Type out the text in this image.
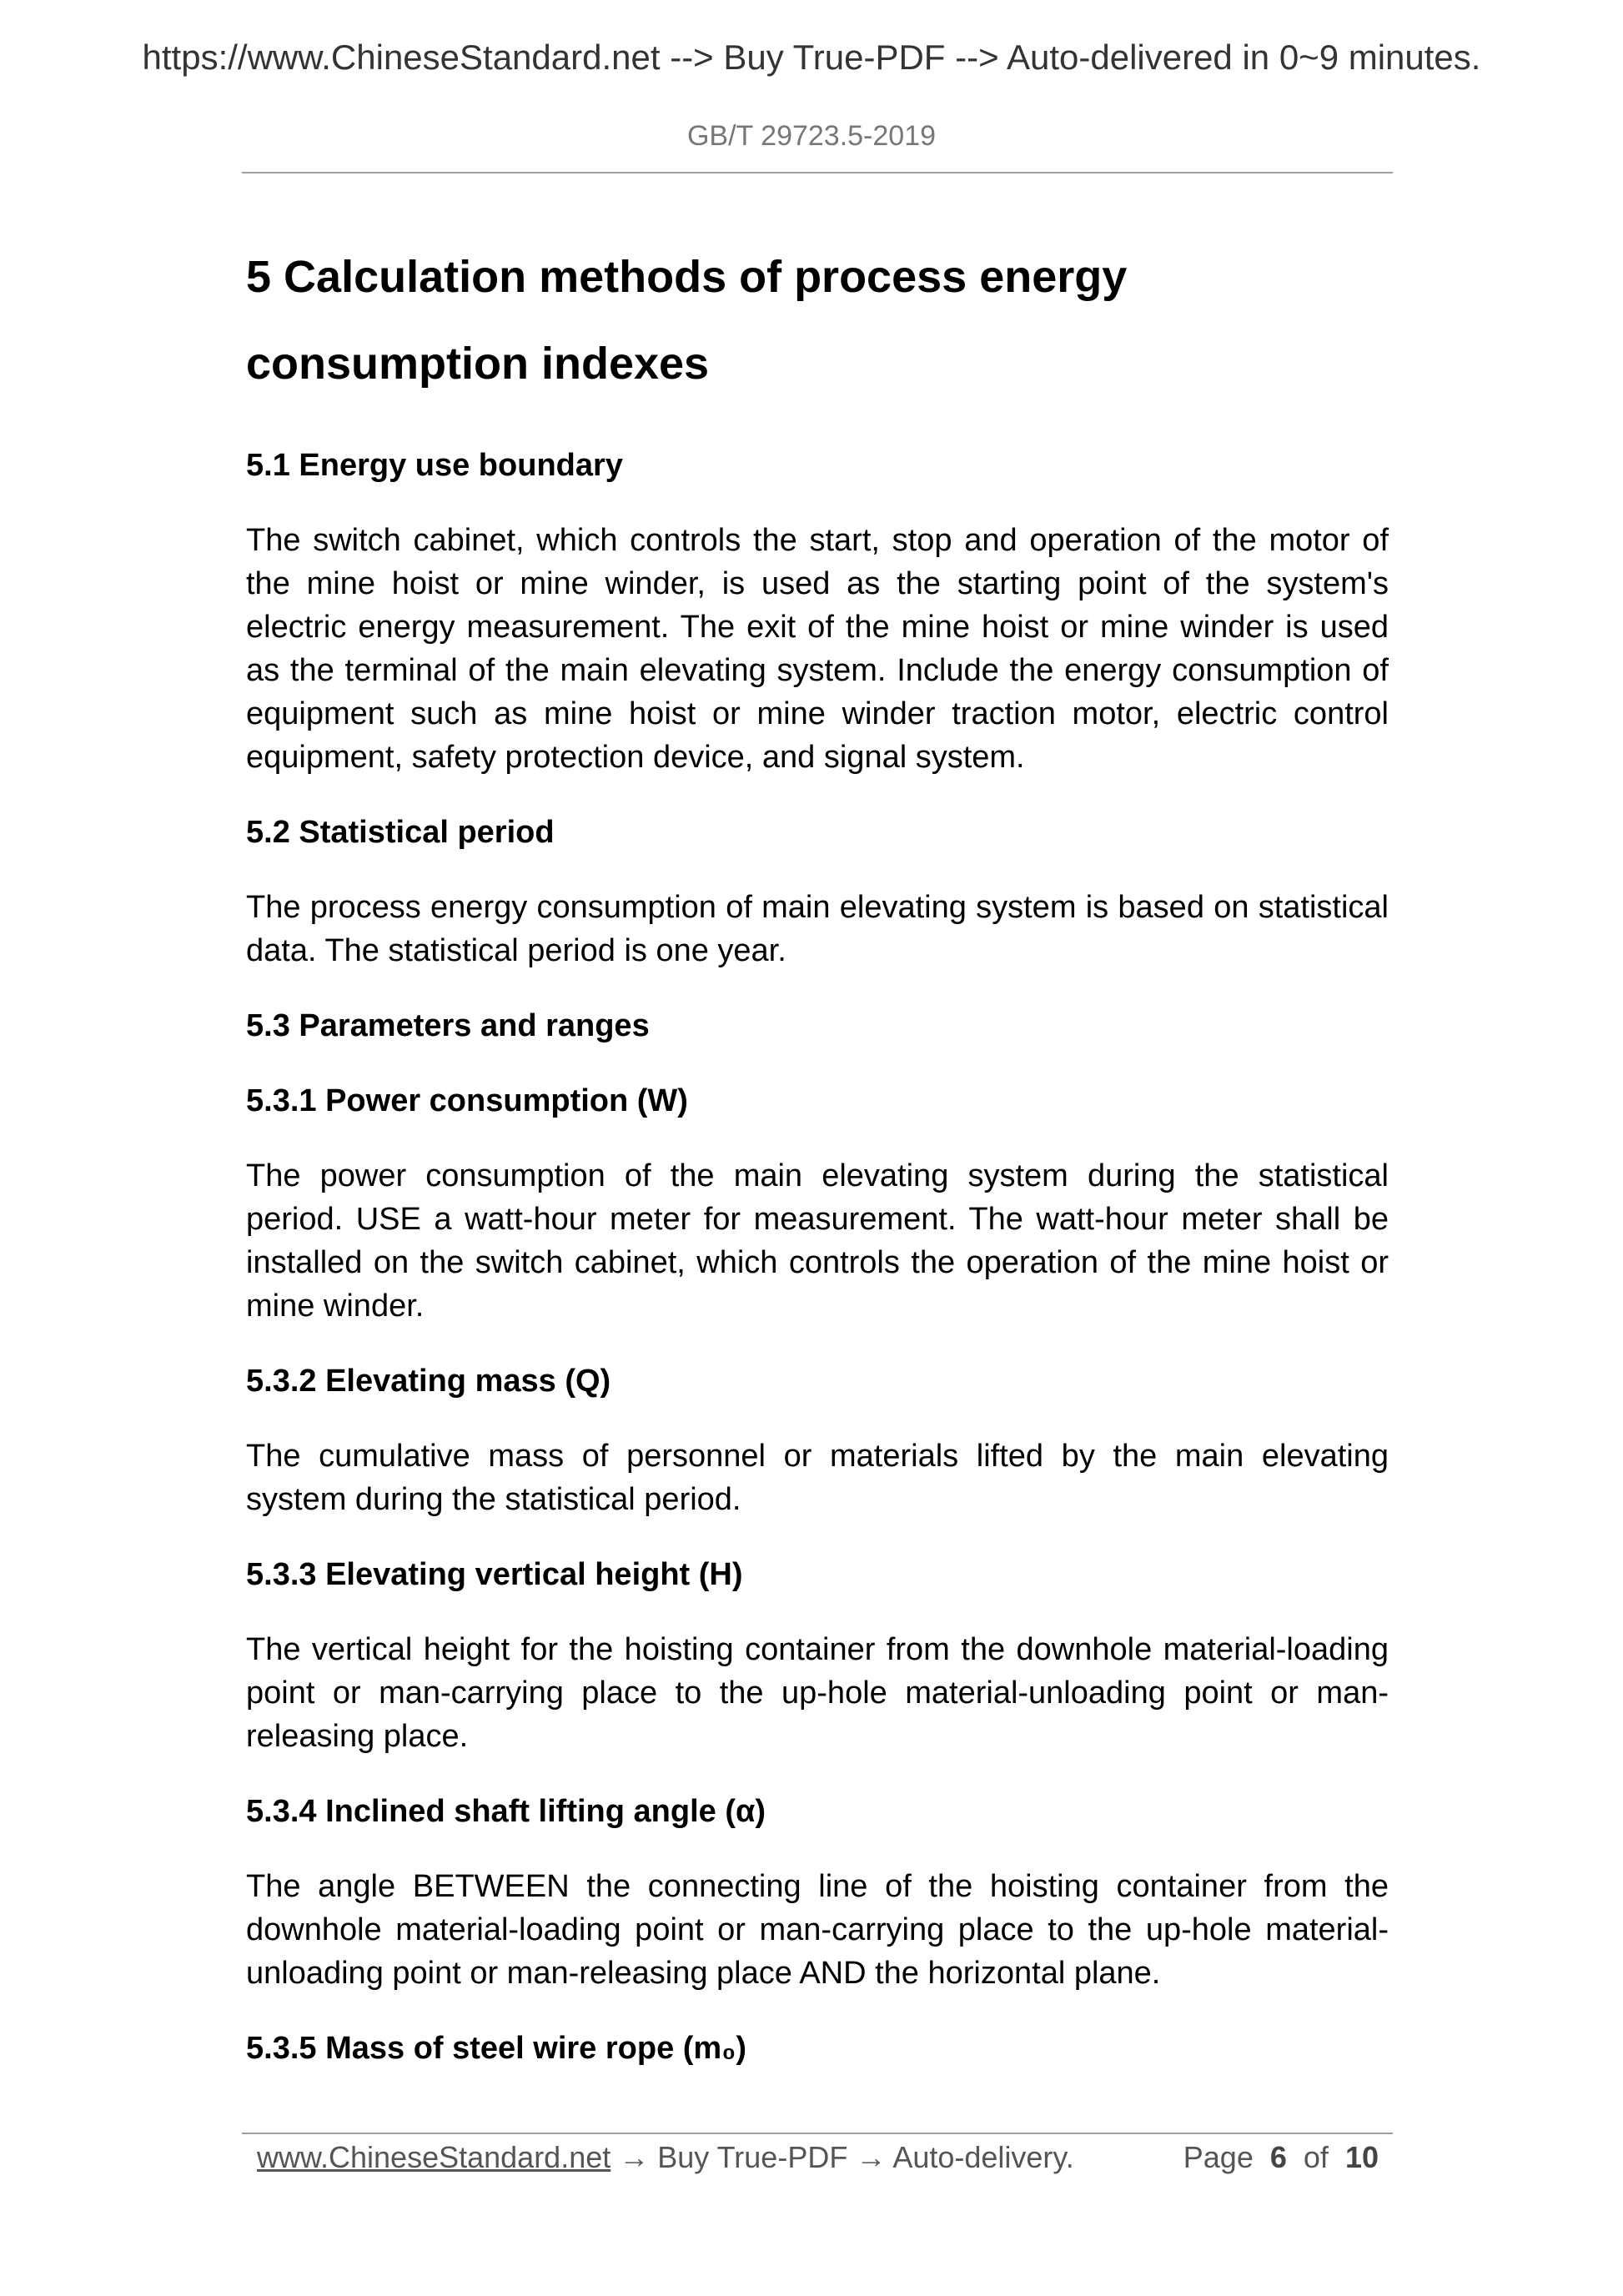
https://www.ChineseStandard.net --> Buy True-PDF --> Auto-delivered in 0~9 minutes.
GB/T 29723.5-2019
5 Calculation methods of process energy consumption indexes
5.1 Energy use boundary

The switch cabinet, which controls the start, stop and operation of the motor of the mine hoist or mine winder, is used as the starting point of the system's electric energy measurement. The exit of the mine hoist or mine winder is used as the terminal of the main elevating system. Include the energy consumption of equipment such as mine hoist or mine winder traction motor, electric control equipment, safety protection device, and signal system.

5.2 Statistical period

The process energy consumption of main elevating system is based on statistical data. The statistical period is one year.

5.3 Parameters and ranges
5.3.1 Power consumption (W)

The power consumption of the main elevating system during the statistical period. USE a watt-hour meter for measurement. The watt-hour meter shall be installed on the switch cabinet, which controls the operation of the mine hoist or mine winder.

5.3.2 Elevating mass (Q)

The cumulative mass of personnel or materials lifted by the main elevating system during the statistical period.

5.3.3 Elevating vertical height (H)

The vertical height for the hoisting container from the downhole material-loading point or man-carrying place to the up-hole material-unloading point or man-releasing place.

5.3.4 Inclined shaft lifting angle (α)

The angle BETWEEN the connecting line of the hoisting container from the downhole material-loading point or man-carrying place to the up-hole material-unloading point or man-releasing place AND the horizontal plane.

5.3.5 Mass of steel wire rope (m₀)
www.ChineseStandard.net → Buy True-PDF → Auto-delivery.	Page 6 of 10
